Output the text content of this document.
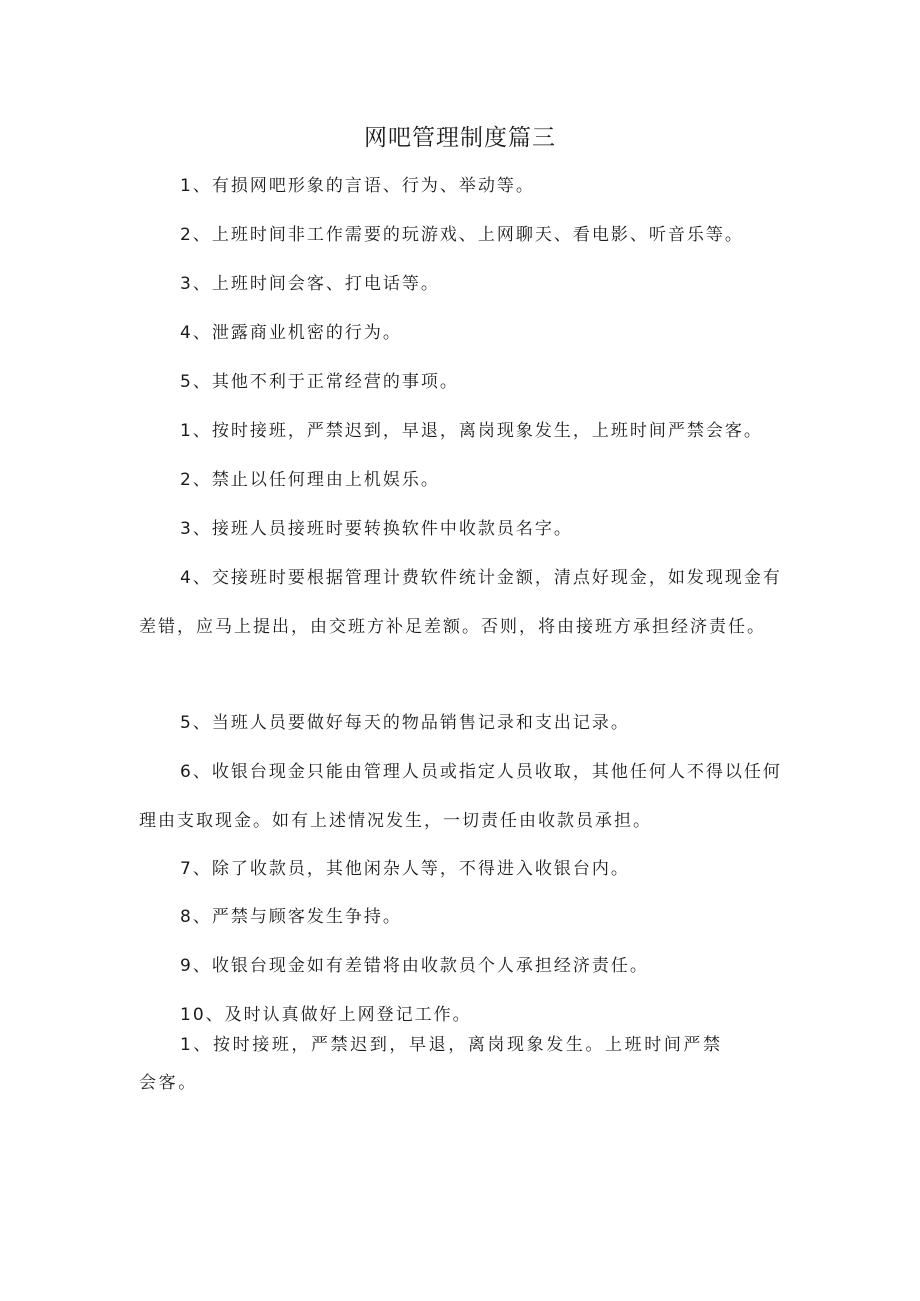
网吧管理制度篇三

1、有损网吧形象的言语、行为、举动等。

2、上班时间非工作需要的玩游戏、上网聊天、看电影、听音乐等。

3、上班时间会客、打电话等。

4、泄露商业机密的行为。

5、其他不利于正常经营的事项。

1、按时接班，严禁迟到，早退，离岗现象发生，上班时间严禁会客。

2、禁止以任何理由上机娱乐。

3、接班人员接班时要转换软件中收款员名字。

4、交接班时要根据管理计费软件统计金额，清点好现金，如发现现金有差错，应马上提出，由交班方补足差额。否则，将由接班方承担经济责任。

5、当班人员要做好每天的物品销售记录和支出记录。

6、收银台现金只能由管理人员或指定人员收取，其他任何人不得以任何理由支取现金。如有上述情况发生，一切责任由收款员承担。

7、除了收款员，其他闲杂人等，不得进入收银台内。

8、严禁与顾客发生争持。

9、收银台现金如有差错将由收款员个人承担经济责任。

10、及时认真做好上网登记工作。

1、按时接班，严禁迟到，早退，离岗现象发生。上班时间严禁会客。
